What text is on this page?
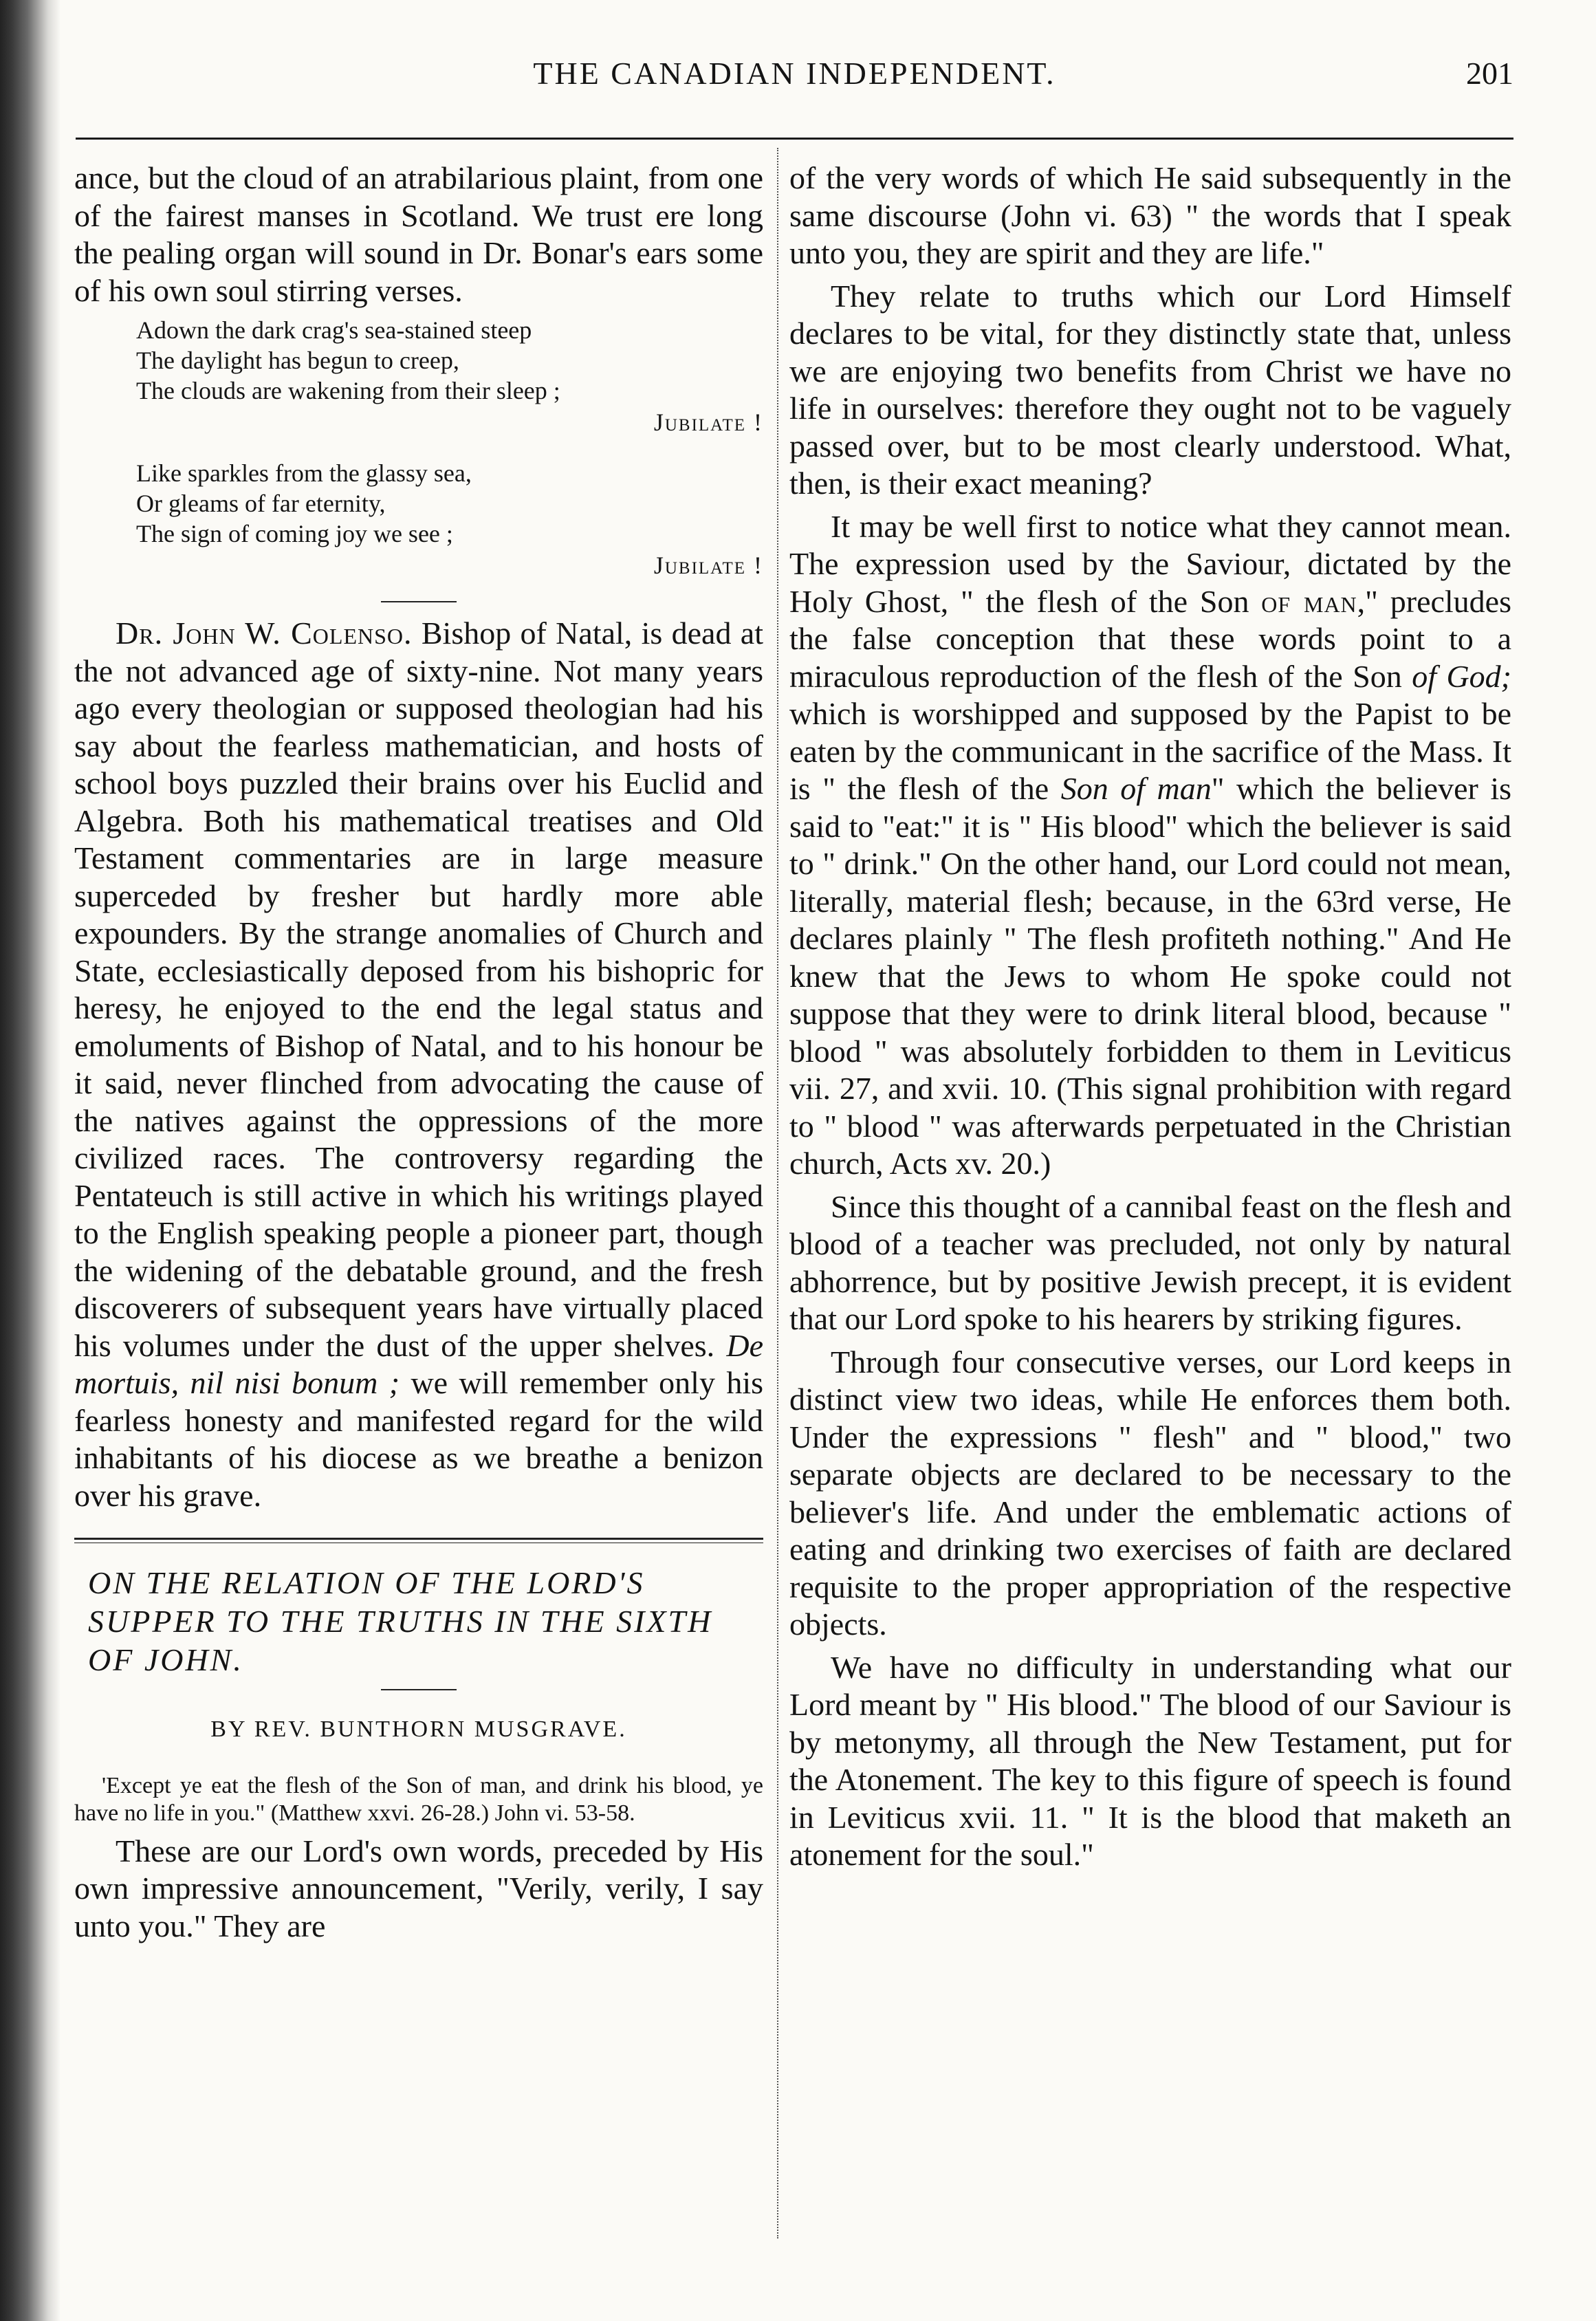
THE CANADIAN INDEPENDENT.	201

ance, but the cloud of an atrabilarious plaint, from one of the fairest manses in Scotland. We trust ere long the pealing organ will sound in Dr. Bonar's ears some of his own soul stirring verses.

Adown the dark crag's sea-stained steep
The daylight has begun to creep,
The clouds are wakening from their sleep ;
Jubilate !
Like sparkles from the glassy sea,
Or gleams of far eternity,
The sign of coming joy we see ;
Jubilate !

Dr. John W. Colenso. Bishop of Natal, is dead at the not advanced age of sixty-nine. Not many years ago every theologian or supposed theologian had his say about the fearless mathematician, and hosts of school boys puzzled their brains over his Euclid and Algebra. Both his mathematical treatises and Old Testament commentaries are in large measure superceded by fresher but hardly more able expounders. By the strange anomalies of Church and State, ecclesiastically deposed from his bishopric for heresy, he enjoyed to the end the legal status and emoluments of Bishop of Natal, and to his honour be it said, never flinched from advocating the cause of the natives against the oppressions of the more civilized races. The controversy regarding the Pentateuch is still active in which his writings played to the English speaking people a pioneer part, though the widening of the debatable ground, and the fresh discoverers of subsequent years have virtually placed his volumes under the dust of the upper shelves. De mortuis, nil nisi bonum ; we will remember only his fearless honesty and manifested regard for the wild inhabitants of his diocese as we breathe a benizon over his grave.

ON THE RELATION OF THE LORD'S SUPPER TO THE TRUTHS IN THE SIXTH OF JOHN.
BY REV. BUNTHORN MUSGRAVE.

'Except ye eat the flesh of the Son of man, and drink his blood, ye have no life in you." (Matthew xxvi. 26-28.) John vi. 53-58.

These are our Lord's own words, preceded by His own impressive announcement, "Verily, verily, I say unto you." They are

of the very words of which He said subsequently in the same discourse (John vi. 63) " the words that I speak unto you, they are spirit and they are life."

They relate to truths which our Lord Himself declares to be vital, for they distinctly state that, unless we are enjoying two benefits from Christ we have no life in ourselves: therefore they ought not to be vaguely passed over, but to be most clearly understood. What, then, is their exact meaning?

It may be well first to notice what they cannot mean. The expression used by the Saviour, dictated by the Holy Ghost, " the flesh of the Son of man," precludes the false conception that these words point to a miraculous reproduction of the flesh of the Son of God; which is worshipped and supposed by the Papist to be eaten by the communicant in the sacrifice of the Mass. It is " the flesh of the Son of man" which the believer is said to "eat:" it is " His blood" which the believer is said to " drink." On the other hand, our Lord could not mean, literally, material flesh; because, in the 63rd verse, He declares plainly " The flesh profiteth nothing." And He knew that the Jews to whom He spoke could not suppose that they were to drink literal blood, because " blood " was absolutely forbidden to them in Leviticus vii. 27, and xvii. 10. (This signal prohibition with regard to " blood " was afterwards perpetuated in the Christian church, Acts xv. 20.)

Since this thought of a cannibal feast on the flesh and blood of a teacher was precluded, not only by natural abhorrence, but by positive Jewish precept, it is evident that our Lord spoke to his hearers by striking figures.

Through four consecutive verses, our Lord keeps in distinct view two ideas, while He enforces them both. Under the expressions " flesh" and " blood," two separate objects are declared to be necessary to the believer's life. And under the emblematic actions of eating and drinking two exercises of faith are declared requisite to the proper appropriation of the respective objects.

We have no difficulty in understanding what our Lord meant by " His blood." The blood of our Saviour is by metonymy, all through the New Testament, put for the Atonement. The key to this figure of speech is found in Leviticus xvii. 11. " It is the blood that maketh an atonement for the soul."
